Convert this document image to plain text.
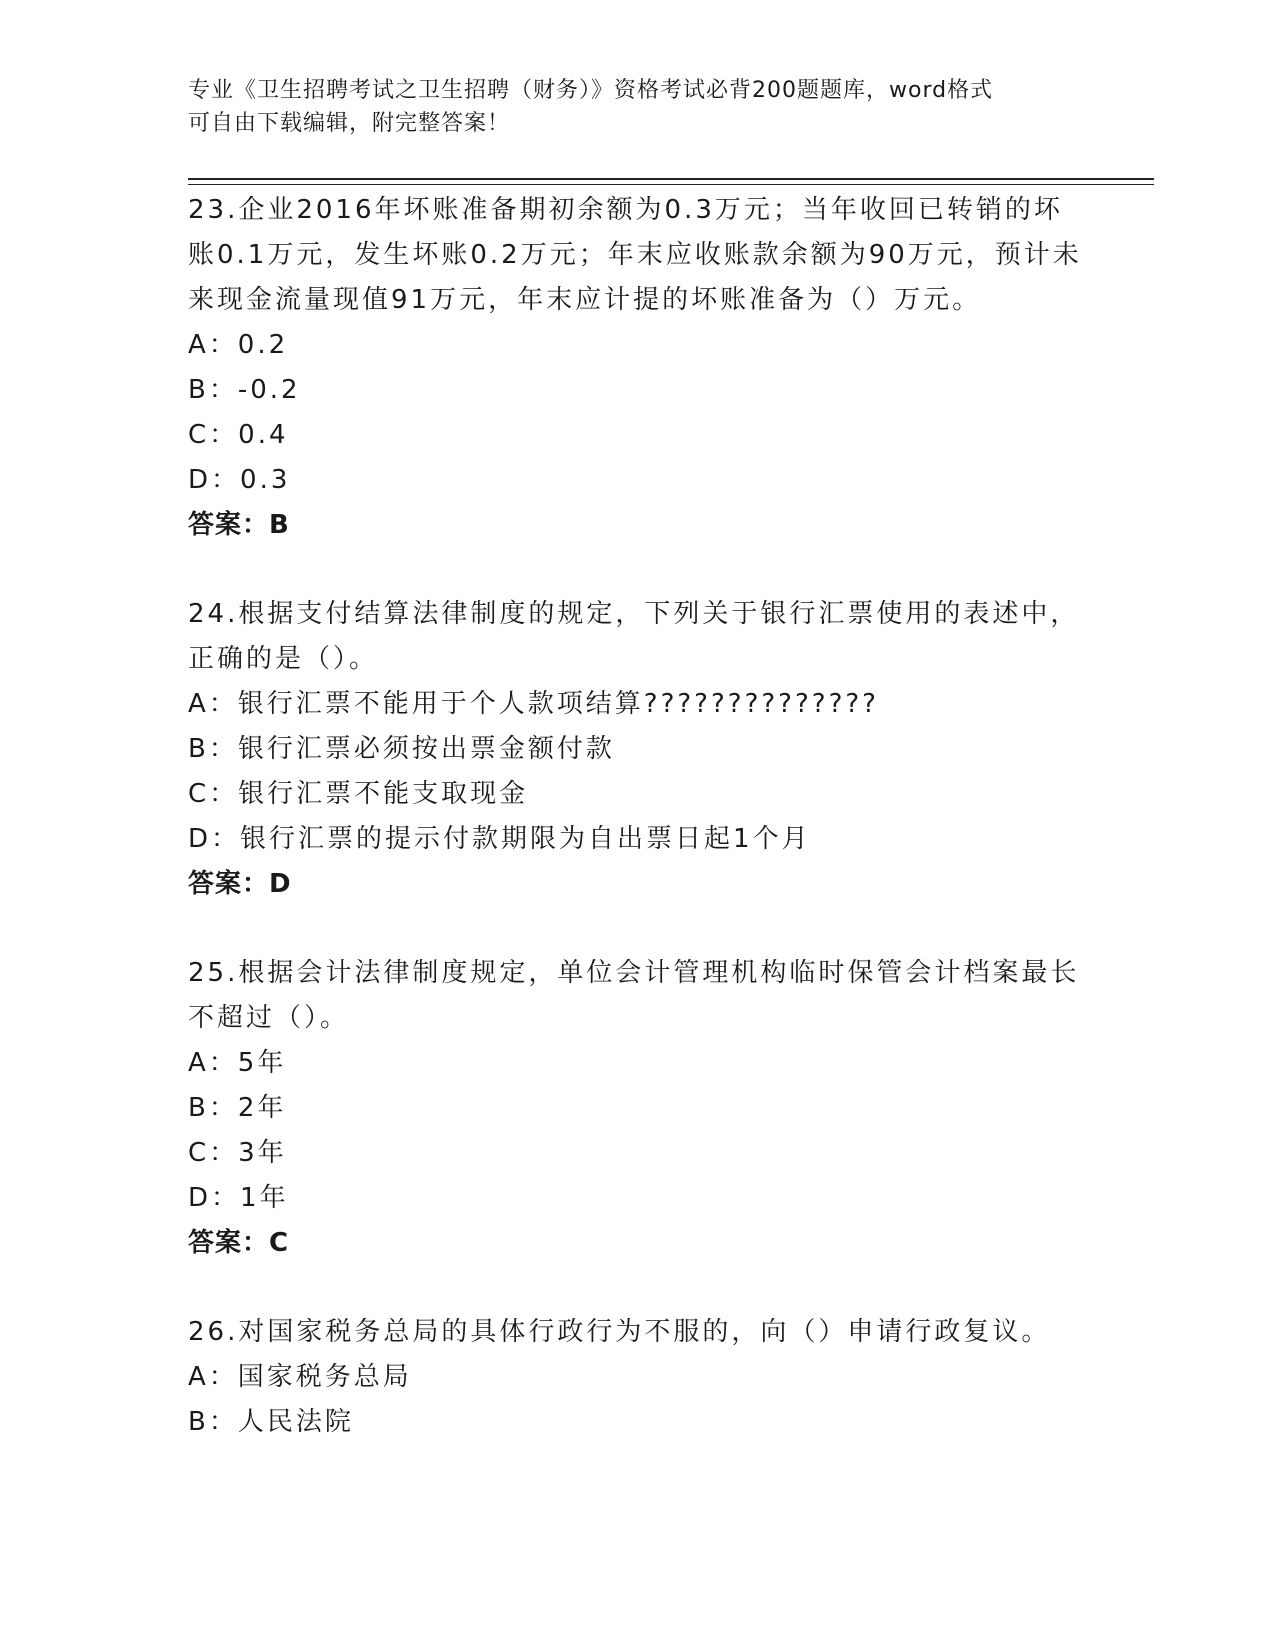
专业《卫生招聘考试之卫生招聘（财务）》资格考试必背200题题库，word格式
可自由下载编辑，附完整答案！
23.企业2016年坏账准备期初余额为0.3万元；当年收回已转销的坏账0.1万元，发生坏账0.2万元；年末应收账款余额为90万元，预计未来现金流量现值91万元，年末应计提的坏账准备为（）万元。
A：0.2
B：-0.2
C：0.4
D：0.3
答案：B
24.根据支付结算法律制度的规定，下列关于银行汇票使用的表述中，正确的是（）。
A：银行汇票不能用于个人款项结算??????????????
B：银行汇票必须按出票金额付款
C：银行汇票不能支取现金
D：银行汇票的提示付款期限为自出票日起1个月
答案：D
25.根据会计法律制度规定，单位会计管理机构临时保管会计档案最长不超过（）。
A：5年
B：2年
C：3年
D：1年
答案：C
26.对国家税务总局的具体行政行为不服的，向（）申请行政复议。
A：国家税务总局
B：人民法院
